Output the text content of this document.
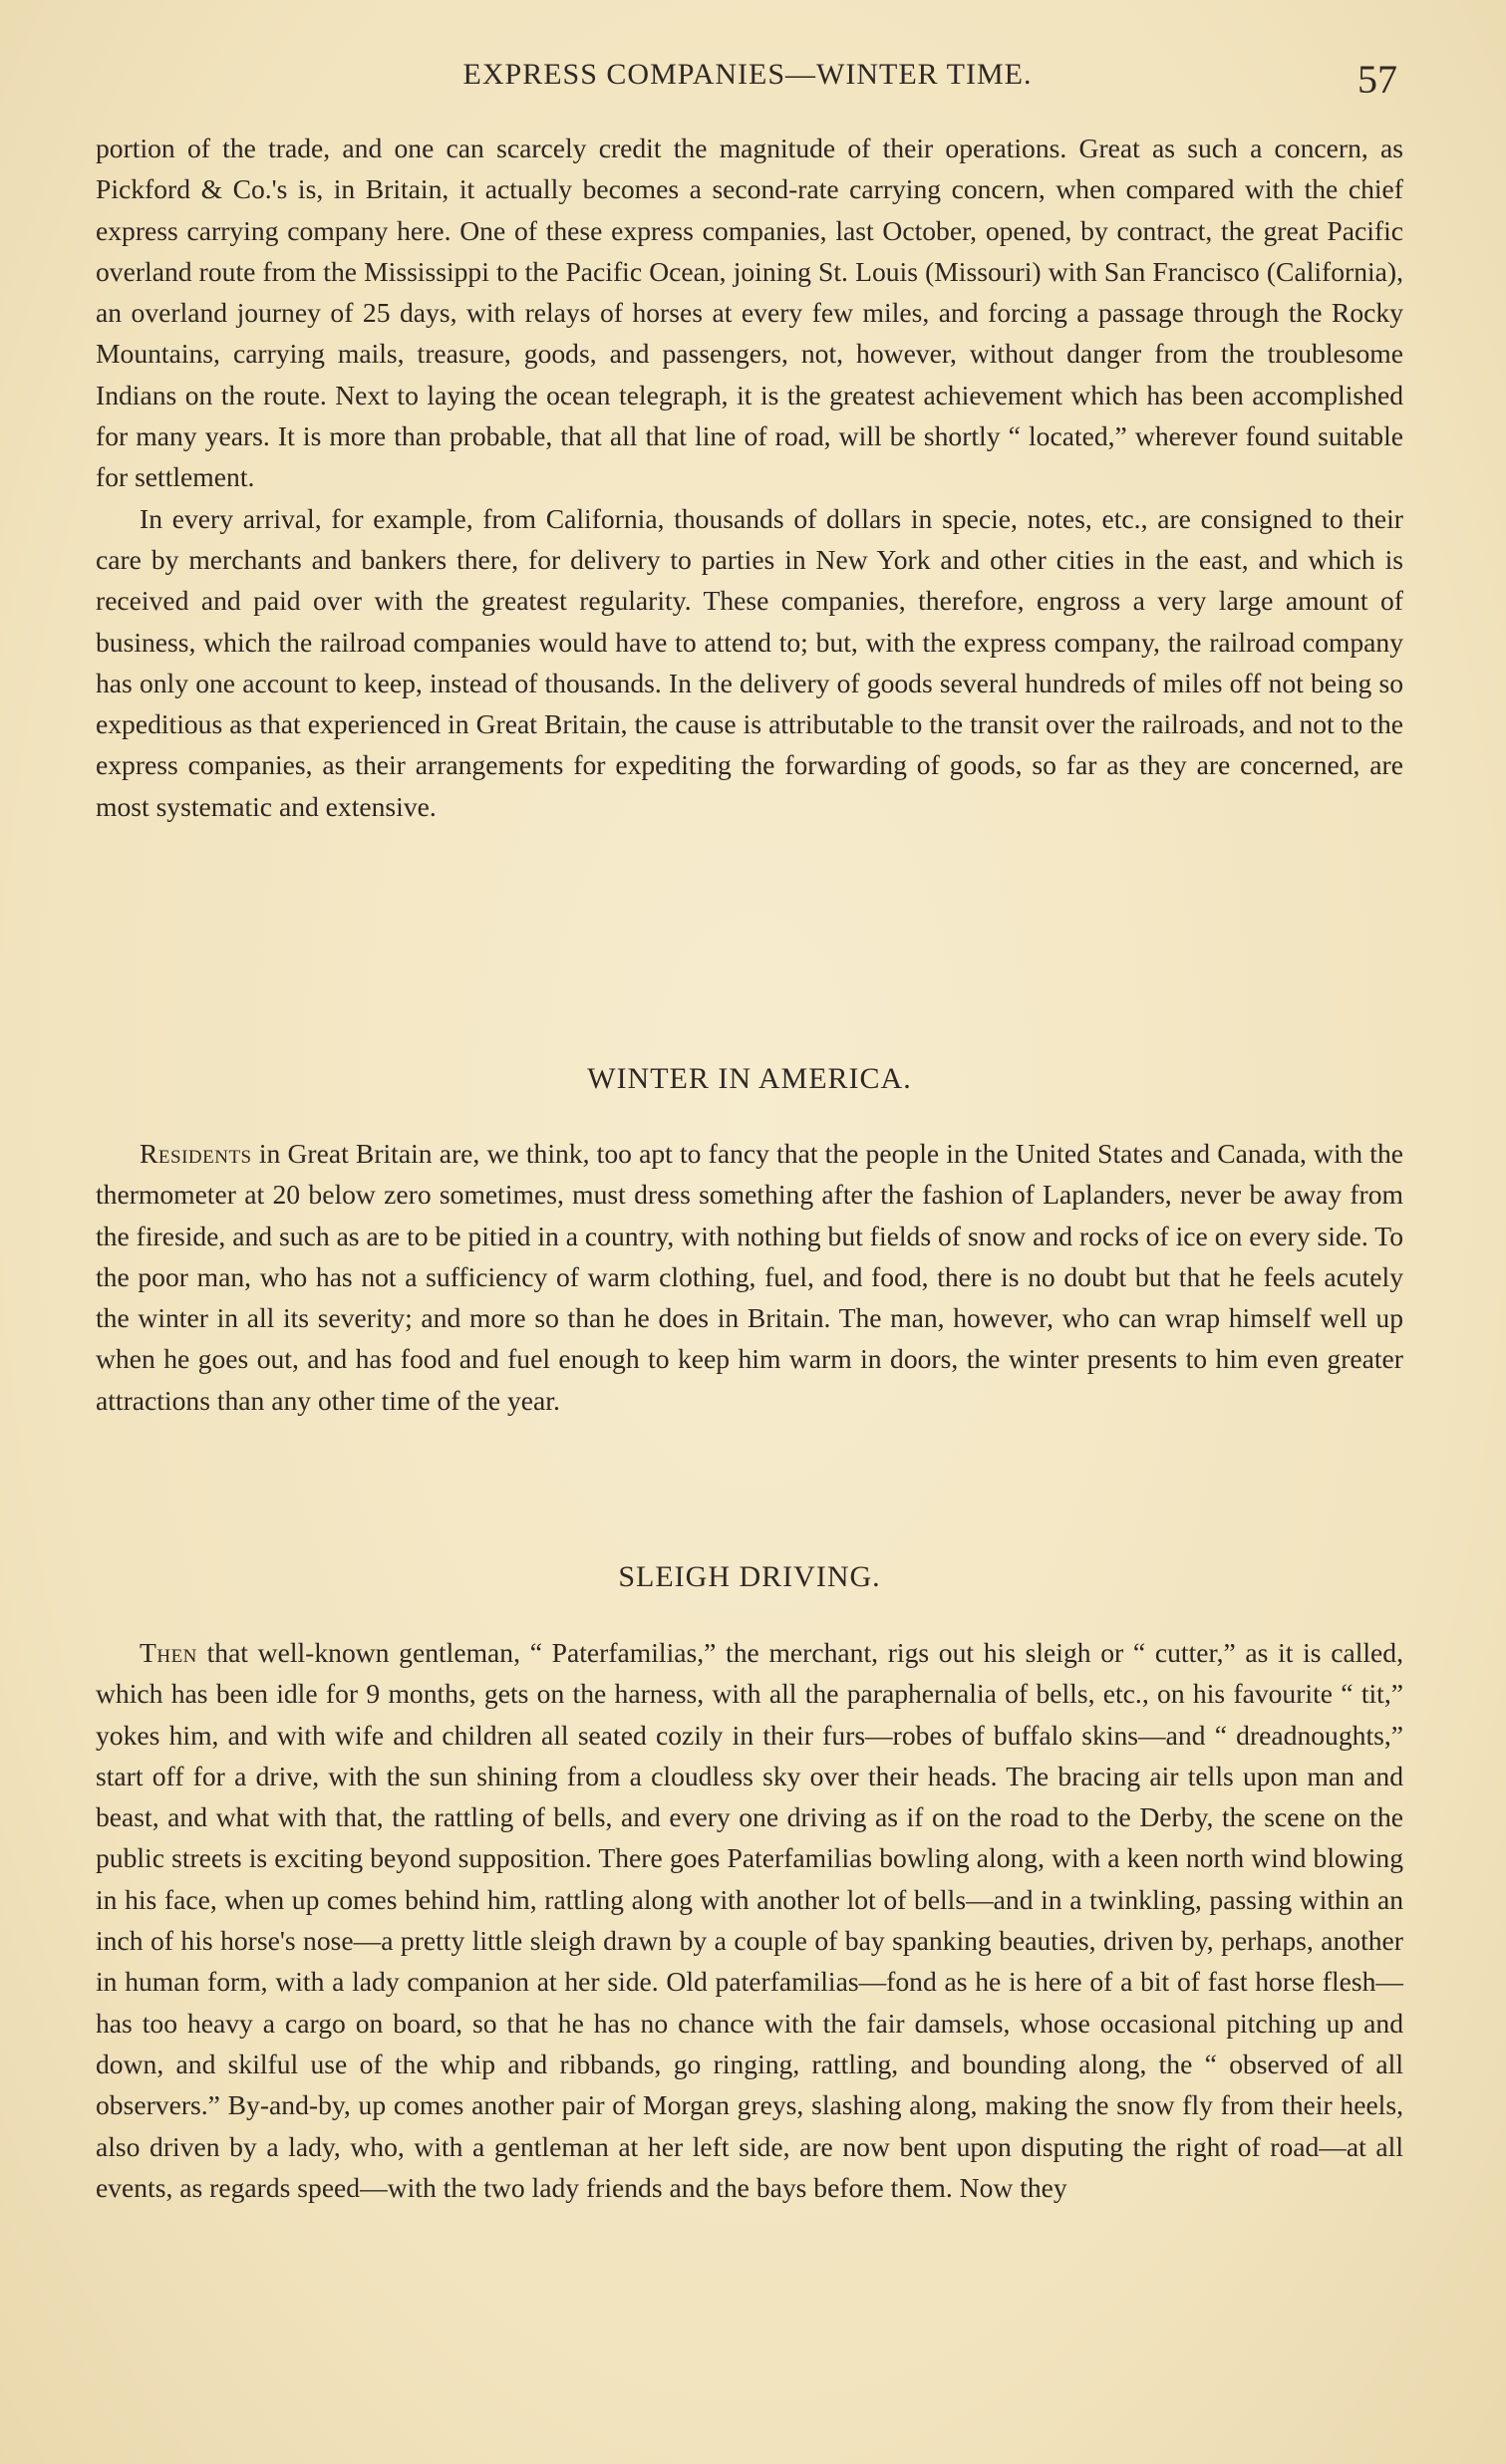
EXPRESS COMPANIES—WINTER TIME.	57

portion of the trade, and one can scarcely credit the magnitude of their operations. Great as such a concern, as Pickford & Co.'s is, in Britain, it actually becomes a second-rate carrying concern, when compared with the chief express carrying company here. One of these express companies, last October, opened, by contract, the great Pacific overland route from the Mississippi to the Pacific Ocean, joining St. Louis (Missouri) with San Francisco (California), an overland journey of 25 days, with relays of horses at every few miles, and forcing a passage through the Rocky Mountains, carrying mails, treasure, goods, and passengers, not, however, without danger from the troublesome Indians on the route. Next to laying the ocean telegraph, it is the greatest achievement which has been accomplished for many years. It is more than probable, that all that line of road, will be shortly “ located,” wherever found suitable for settlement.

In every arrival, for example, from California, thousands of dollars in specie, notes, etc., are consigned to their care by merchants and bankers there, for delivery to parties in New York and other cities in the east, and which is received and paid over with the greatest regularity. These companies, therefore, engross a very large amount of business, which the railroad companies would have to attend to; but, with the express company, the railroad company has only one account to keep, instead of thousands. In the delivery of goods several hundreds of miles off not being so expeditious as that experienced in Great Britain, the cause is attributable to the transit over the railroads, and not to the express companies, as their arrangements for expediting the forwarding of goods, so far as they are concerned, are most systematic and extensive.

WINTER IN AMERICA.

Residents in Great Britain are, we think, too apt to fancy that the people in the United States and Canada, with the thermometer at 20 below zero sometimes, must dress something after the fashion of Laplanders, never be away from the fireside, and such as are to be pitied in a country, with nothing but fields of snow and rocks of ice on every side. To the poor man, who has not a sufficiency of warm clothing, fuel, and food, there is no doubt but that he feels acutely the winter in all its severity; and more so than he does in Britain. The man, however, who can wrap himself well up when he goes out, and has food and fuel enough to keep him warm in doors, the winter presents to him even greater attractions than any other time of the year.

SLEIGH DRIVING.

Then that well-known gentleman, “ Paterfamilias,” the merchant, rigs out his sleigh or “ cutter,” as it is called, which has been idle for 9 months, gets on the harness, with all the paraphernalia of bells, etc., on his favourite “ tit,” yokes him, and with wife and children all seated cozily in their furs—robes of buffalo skins—and “ dreadnoughts,” start off for a drive, with the sun shining from a cloudless sky over their heads. The bracing air tells upon man and beast, and what with that, the rattling of bells, and every one driving as if on the road to the Derby, the scene on the public streets is exciting beyond supposition. There goes Paterfamilias bowling along, with a keen north wind blowing in his face, when up comes behind him, rattling along with another lot of bells—and in a twinkling, passing within an inch of his horse's nose—a pretty little sleigh drawn by a couple of bay spanking beauties, driven by, perhaps, another in human form, with a lady companion at her side. Old paterfamilias—fond as he is here of a bit of fast horse flesh—has too heavy a cargo on board, so that he has no chance with the fair damsels, whose occasional pitching up and down, and skilful use of the whip and ribbands, go ringing, rattling, and bounding along, the “ observed of all observers.” By-and-by, up comes another pair of Morgan greys, slashing along, making the snow fly from their heels, also driven by a lady, who, with a gentleman at her left side, are now bent upon disputing the right of road—at all events, as regards speed—with the two lady friends and the bays before them. Now they
